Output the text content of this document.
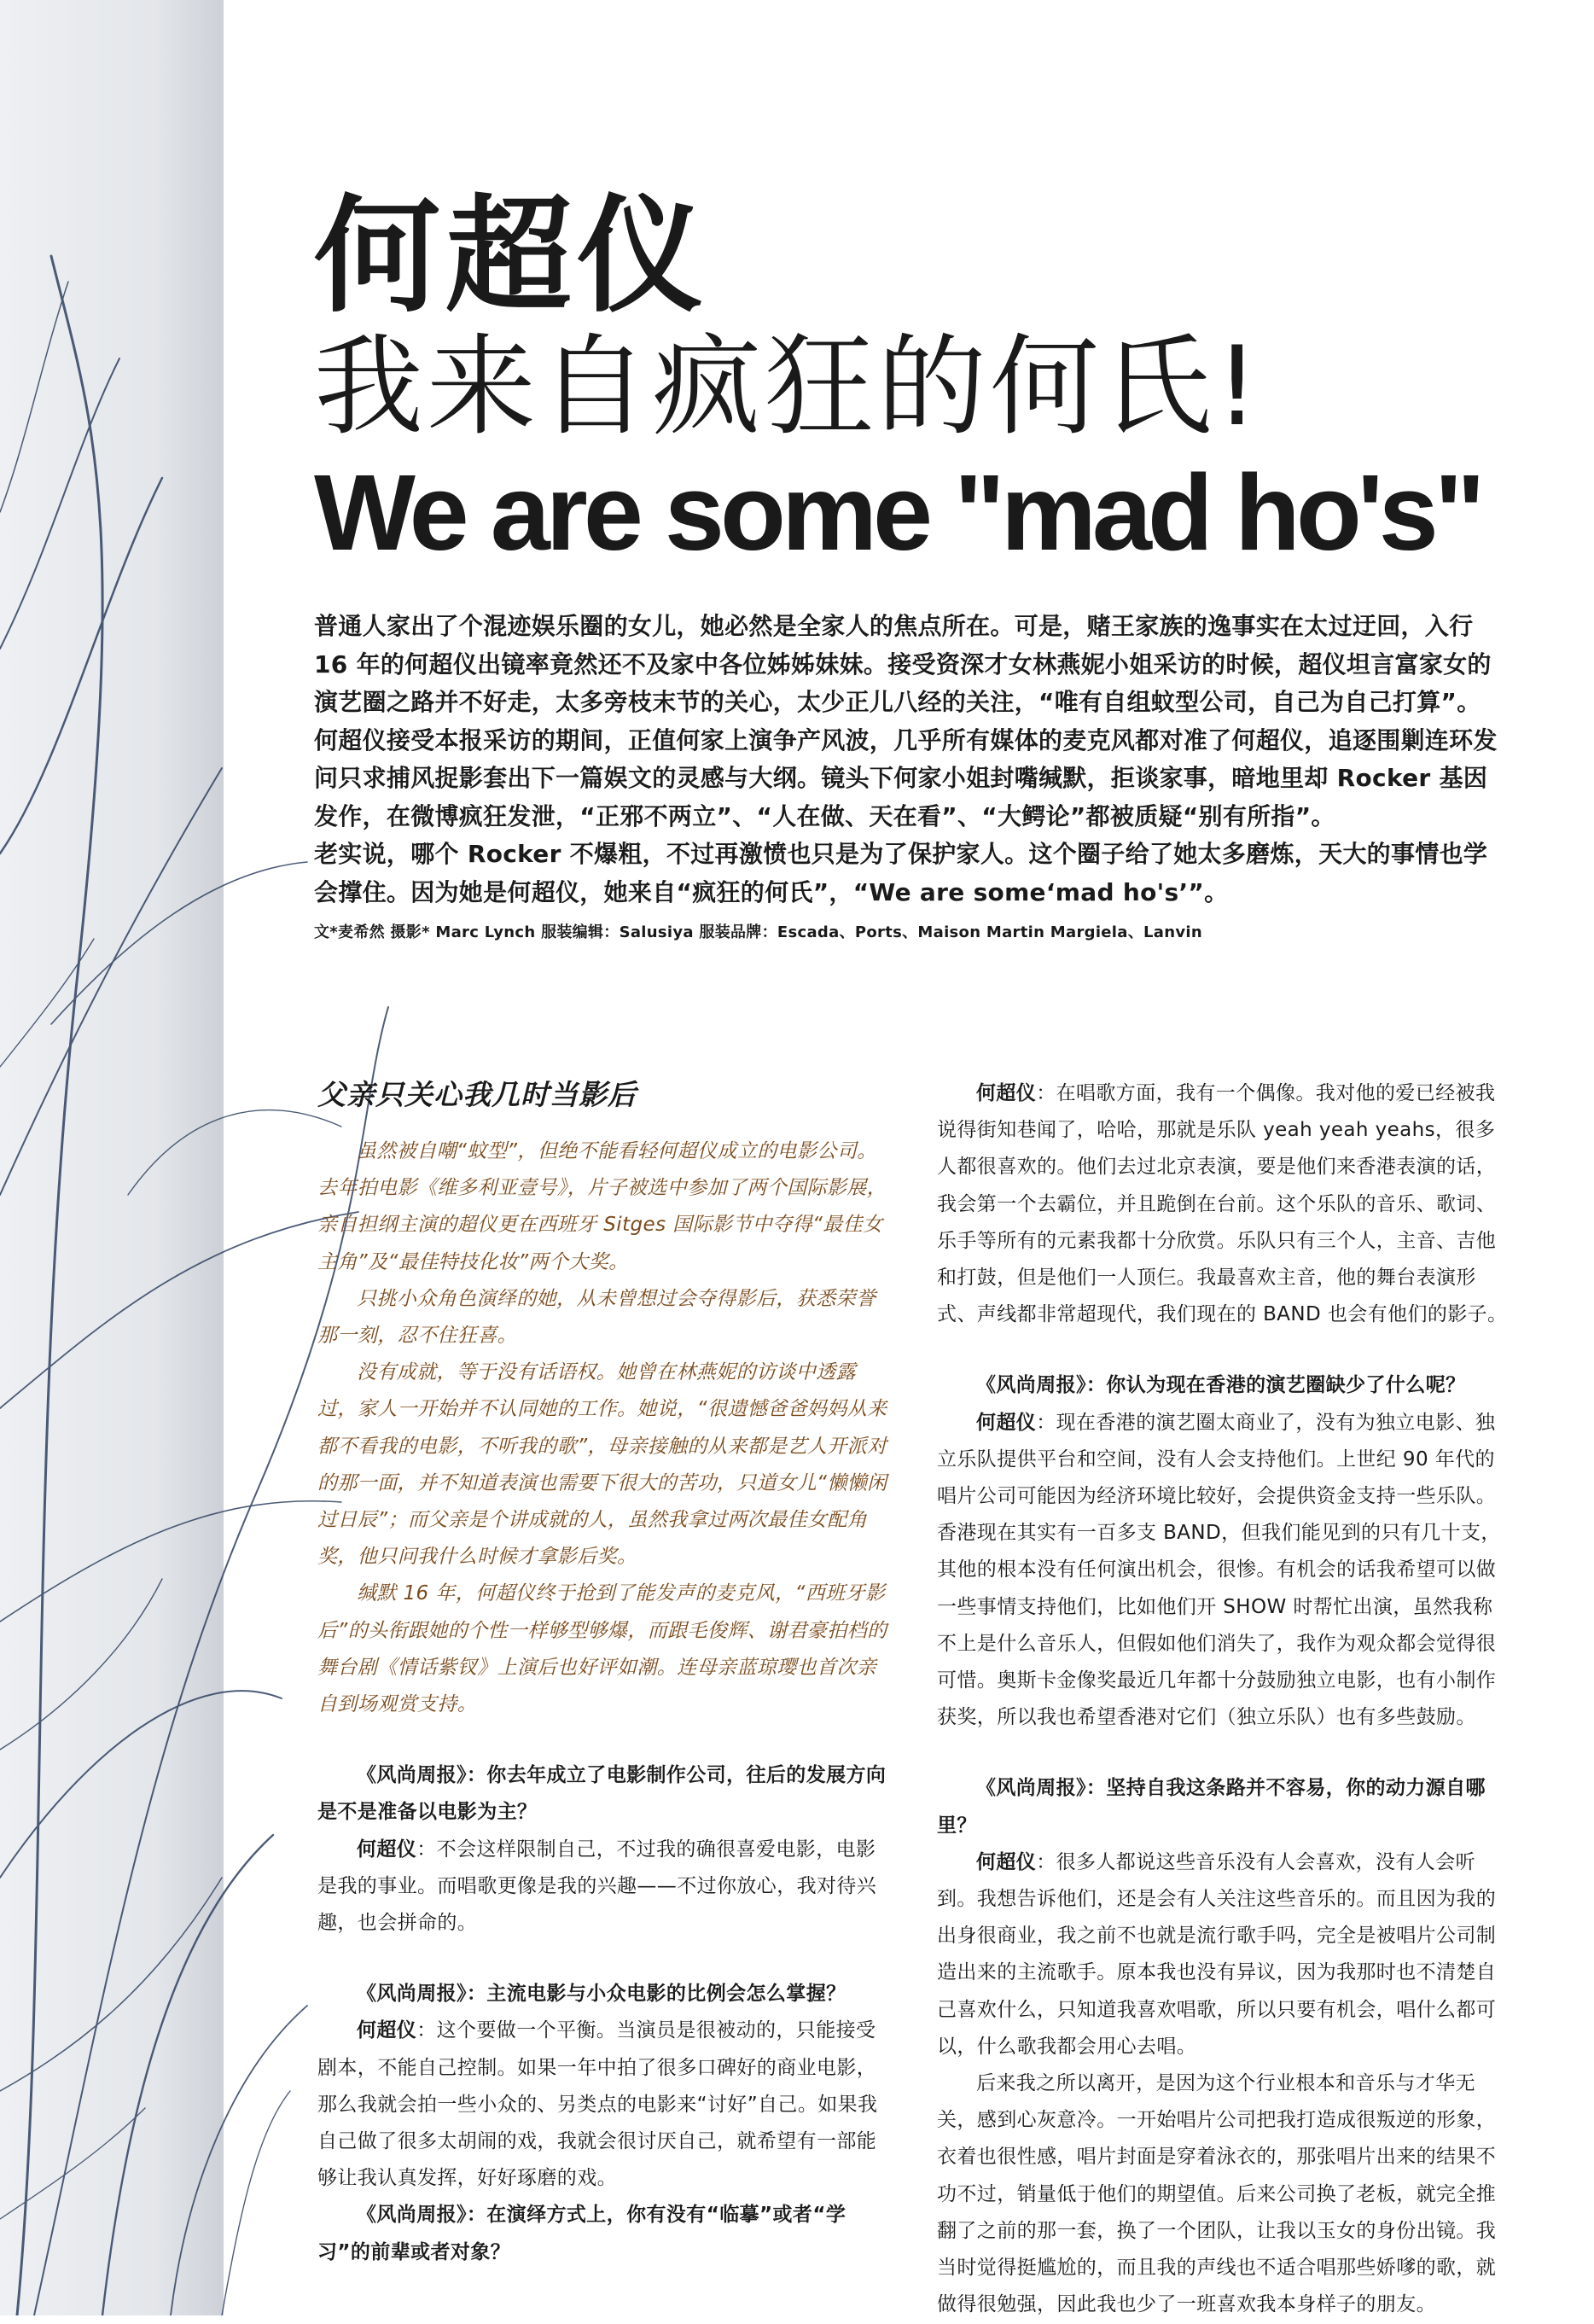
何超仪
我来自疯狂的何氏!
We are some "mad ho's"

普通人家出了个混迹娱乐圈的女儿，她必然是全家人的焦点所在。可是，赌王家族的逸事实在太过迂回，入行 16 年的何超仪出镜率竟然还不及家中各位姊姊妹妹。接受资深才女林燕妮小姐采访的时候，超仪坦言富家女的演艺圈之路并不好走，太多旁枝末节的关心，太少正儿八经的关注，“唯有自组蚊型公司，自己为自己打算”。

何超仪接受本报采访的期间，正值何家上演争产风波，几乎所有媒体的麦克风都对准了何超仪，追逐围剿连环发问只求捕风捉影套出下一篇娱文的灵感与大纲。镜头下何家小姐封嘴缄默，拒谈家事，暗地里却 Rocker 基因发作，在微博疯狂发泄，“正邪不两立”、“人在做、天在看”、“大鳄论”都被质疑“别有所指”。

老实说，哪个 Rocker 不爆粗，不过再激愤也只是为了保护家人。这个圈子给了她太多磨炼，天大的事情也学会撑住。因为她是何超仪，她来自“疯狂的何氏”，“We are some‘mad ho's’”。

文*麦希然 摄影* Marc Lynch 服装编辑：Salusiya 服装品牌：Escada、Ports、Maison Martin Margiela、Lanvin
父亲只关心我几时当影后

虽然被自嘲“蚊型”，但绝不能看轻何超仪成立的电影公司。去年拍电影《维多利亚壹号》，片子被选中参加了两个国际影展，亲自担纲主演的超仪更在西班牙 Sitges 国际影节中夺得“最佳女主角”及“最佳特技化妆”两个大奖。

只挑小众角色演绎的她，从未曾想过会夺得影后，获悉荣誉那一刻，忍不住狂喜。

没有成就，等于没有话语权。她曾在林燕妮的访谈中透露过，家人一开始并不认同她的工作。她说，“很遗憾爸爸妈妈从来都不看我的电影，不听我的歌”，母亲接触的从来都是艺人开派对的那一面，并不知道表演也需要下很大的苦功，只道女儿“懒懒闲过日辰”；而父亲是个讲成就的人，虽然我拿过两次最佳女配角奖，他只问我什么时候才拿影后奖。

缄默 16 年，何超仪终于抢到了能发声的麦克风，“西班牙影后”的头衔跟她的个性一样够型够爆，而跟毛俊辉、谢君豪拍档的舞台剧《情话紫钗》上演后也好评如潮。连母亲蓝琼璎也首次亲自到场观赏支持。

《风尚周报》：你去年成立了电影制作公司，往后的发展方向是不是准备以电影为主？

何超仪：不会这样限制自己，不过我的确很喜爱电影，电影是我的事业。而唱歌更像是我的兴趣——不过你放心，我对待兴趣，也会拼命的。

《风尚周报》：主流电影与小众电影的比例会怎么掌握？

何超仪：这个要做一个平衡。当演员是很被动的，只能接受剧本，不能自己控制。如果一年中拍了很多口碑好的商业电影，那么我就会拍一些小众的、另类点的电影来“讨好”自己。如果我自己做了很多太胡闹的戏，我就会很讨厌自己，就希望有一部能够让我认真发挥，好好琢磨的戏。

《风尚周报》：在演绎方式上，你有没有“临摹”或者“学习”的前辈或者对象？

何超仪：在唱歌方面，我有一个偶像。我对他的爱已经被我说得街知巷闻了，哈哈，那就是乐队 yeah yeah yeahs，很多人都很喜欢的。他们去过北京表演，要是他们来香港表演的话，我会第一个去霸位，并且跪倒在台前。这个乐队的音乐、歌词、乐手等所有的元素我都十分欣赏。乐队只有三个人，主音、吉他和打鼓，但是他们一人顶仨。我最喜欢主音，他的舞台表演形式、声线都非常超现代，我们现在的 BAND 也会有他们的影子。

《风尚周报》：你认为现在香港的演艺圈缺少了什么呢？

何超仪：现在香港的演艺圈太商业了，没有为独立电影、独立乐队提供平台和空间，没有人会支持他们。上世纪 90 年代的唱片公司可能因为经济环境比较好，会提供资金支持一些乐队。香港现在其实有一百多支 BAND，但我们能见到的只有几十支，其他的根本没有任何演出机会，很惨。有机会的话我希望可以做一些事情支持他们，比如他们开 SHOW 时帮忙出演，虽然我称不上是什么音乐人，但假如他们消失了，我作为观众都会觉得很可惜。奥斯卡金像奖最近几年都十分鼓励独立电影，也有小制作获奖，所以我也希望香港对它们（独立乐队）也有多些鼓励。

《风尚周报》：坚持自我这条路并不容易，你的动力源自哪里？

何超仪：很多人都说这些音乐没有人会喜欢，没有人会听到。我想告诉他们，还是会有人关注这些音乐的。而且因为我的出身很商业，我之前不也就是流行歌手吗，完全是被唱片公司制造出来的主流歌手。原本我也没有异议，因为我那时也不清楚自己喜欢什么，只知道我喜欢唱歌，所以只要有机会，唱什么都可以，什么歌我都会用心去唱。

后来我之所以离开，是因为这个行业根本和音乐与才华无关，感到心灰意冷。一开始唱片公司把我打造成很叛逆的形象，衣着也很性感，唱片封面是穿着泳衣的，那张唱片出来的结果不功不过，销量低于他们的期望值。后来公司换了老板，就完全推翻了之前的那一套，换了一个团队，让我以玉女的身份出镜。我当时觉得挺尴尬的，而且我的声线也不适合唱那些娇嗲的歌，就做得很勉强，因此我也少了一班喜欢我本身样子的朋友。
